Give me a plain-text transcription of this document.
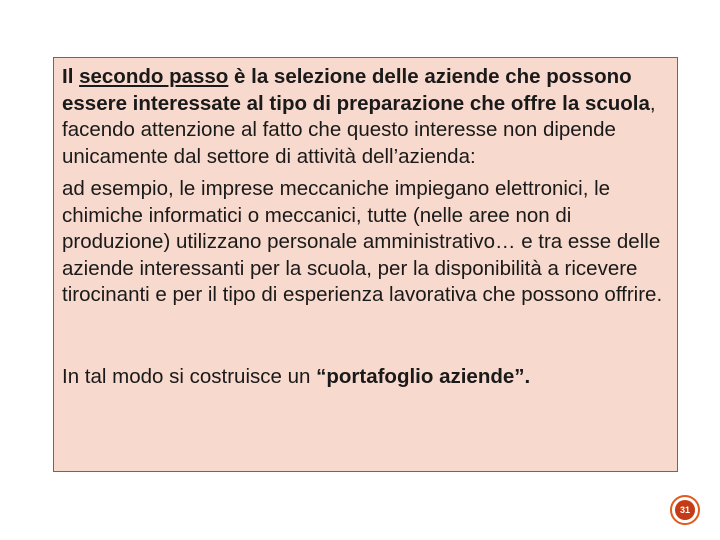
Il secondo passo è la selezione delle aziende che possono essere interessate al tipo di preparazione che offre la scuola, facendo attenzione al fatto che questo interesse non dipende unicamente dal settore di attività dell’azienda:

ad esempio, le imprese meccaniche impiegano elettronici, le chimiche informatici o meccanici, tutte (nelle aree non di produzione) utilizzano personale amministrativo… e tra esse delle aziende interessanti per la scuola, per la disponibilità a ricevere tirocinanti e per il tipo di esperienza lavorativa che possono offrire.

In tal modo si costruisce un “portafoglio aziende”.

31
